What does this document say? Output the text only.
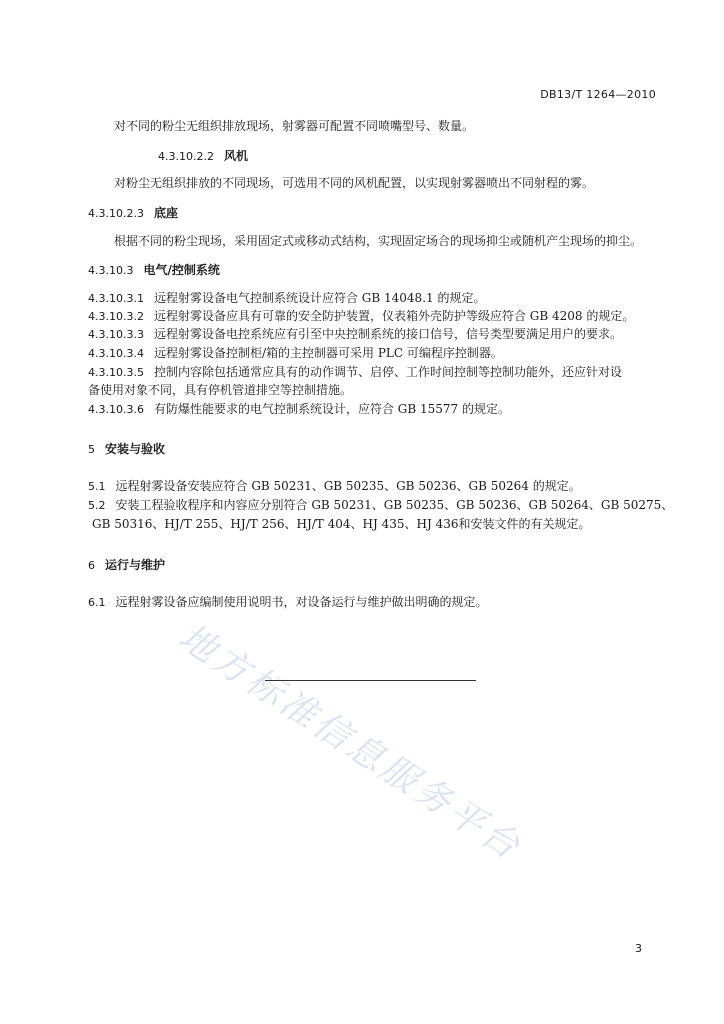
DB13/T 1264—2010
地方标准信息服务平台
对不同的粉尘无组织排放现场，射雾器可配置不同喷嘴型号、数量。
4.3.10.2.2 风机
对粉尘无组织排放的不同现场，可选用不同的风机配置，以实现射雾器喷出不同射程的雾。
4.3.10.2.3 底座
根据不同的粉尘现场，采用固定式或移动式结构，实现固定场合的现场抑尘或随机产尘现场的抑尘。
4.3.10.3 电气/控制系统
4.3.10.3.1 远程射雾设备电气控制系统设计应符合 GB 14048.1 的规定。
4.3.10.3.2 远程射雾设备应具有可靠的安全防护装置，仪表箱外壳防护等级应符合 GB 4208 的规定。
4.3.10.3.3 远程射雾设备电控系统应有引至中央控制系统的接口信号，信号类型要满足用户的要求。
4.3.10.3.4 远程射雾设备控制柜/箱的主控制器可采用 PLC 可编程序控制器。
4.3.10.3.5 控制内容除包括通常应具有的动作调节、启停、工作时间控制等控制功能外，还应针对设
备使用对象不同，具有停机管道排空等控制措施。
4.3.10.3.6 有防爆性能要求的电气控制系统设计，应符合 GB 15577 的规定。
5 安装与验收
5.1 远程射雾设备安装应符合 GB 50231、GB 50235、GB 50236、GB 50264 的规定。
5.2 安装工程验收程序和内容应分别符合 GB 50231、GB 50235、GB 50236、GB 50264、GB 50275、
GB 50316、HJ/T 255、HJ/T 256、HJ/T 404、HJ 435、HJ 436和安装文件的有关规定。
6 运行与维护
6.1 远程射雾设备应编制使用说明书，对设备运行与维护做出明确的规定。
3
